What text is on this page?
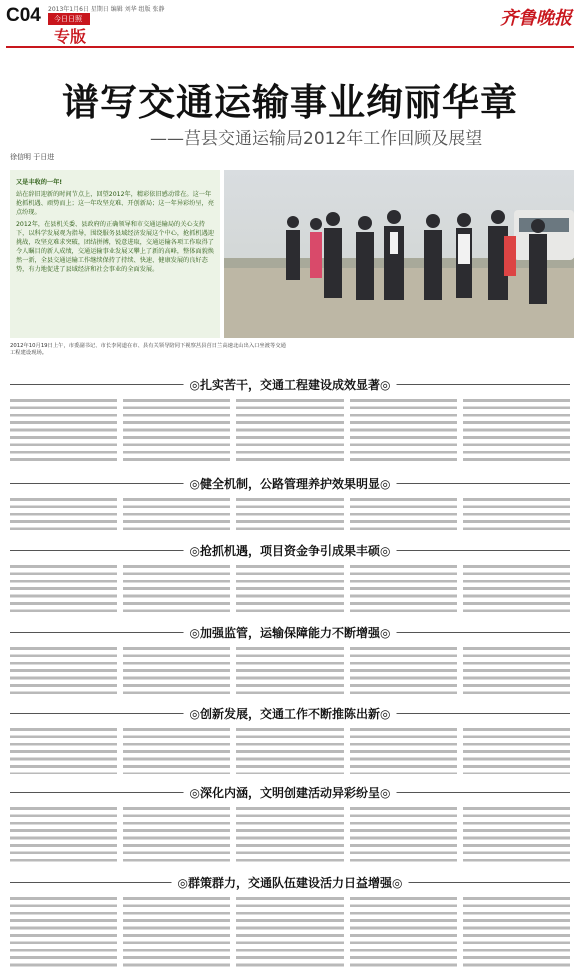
C04 2013年1月6日 星期日 编辑 刘华 组版 张静
今日日照
专版
齐鲁晚报
谱写交通运输事业绚丽华章
——莒县交通运输局2012年工作回顾及展望
徐信明 于日进

又是丰收的一年!

站在辞旧迎新的时间节点上，回望2012年，精彩依旧感动常在。这一年抢抓机遇、顽势而上；这一年攻坚克难、开创新局；这一年异彩纷呈，亮点纷现。

2012年，在县机关委、县政府的正确领导和市交通运输局的关心支持下，以科学发展观为指导，围绕服务县域经济发展这个中心，抢抓机遇迎挑战，攻坚克难求突破，团结拼搏，锐意进取，交通运输各项工作取得了令人瞩目的新人成绩，交通运输事业发展又攀上了新的高峰，整体面貌焕然一新，全县交通运输工作继续保持了持续、快速、健康发展的良好态势，有力地促进了县域经济和社会事业的全面发展。

2012年10月19日上午，市委副书记、市长李同道在市、县有关领导陪同下视察莒县莒日兰高速北山出入口坐渡等交通工程建设现场。
◎扎实苦干，交通工程建设成效显著◎
◎健全机制，公路管理养护效果明显◎
◎抢抓机遇，项目资金争引成果丰硕◎
◎加强监管，运输保障能力不断增强◎
◎创新发展，交通工作不断推陈出新◎
◎深化内涵，文明创建活动异彩纷呈◎
◎群策群力，交通队伍建设活力日益增强◎
